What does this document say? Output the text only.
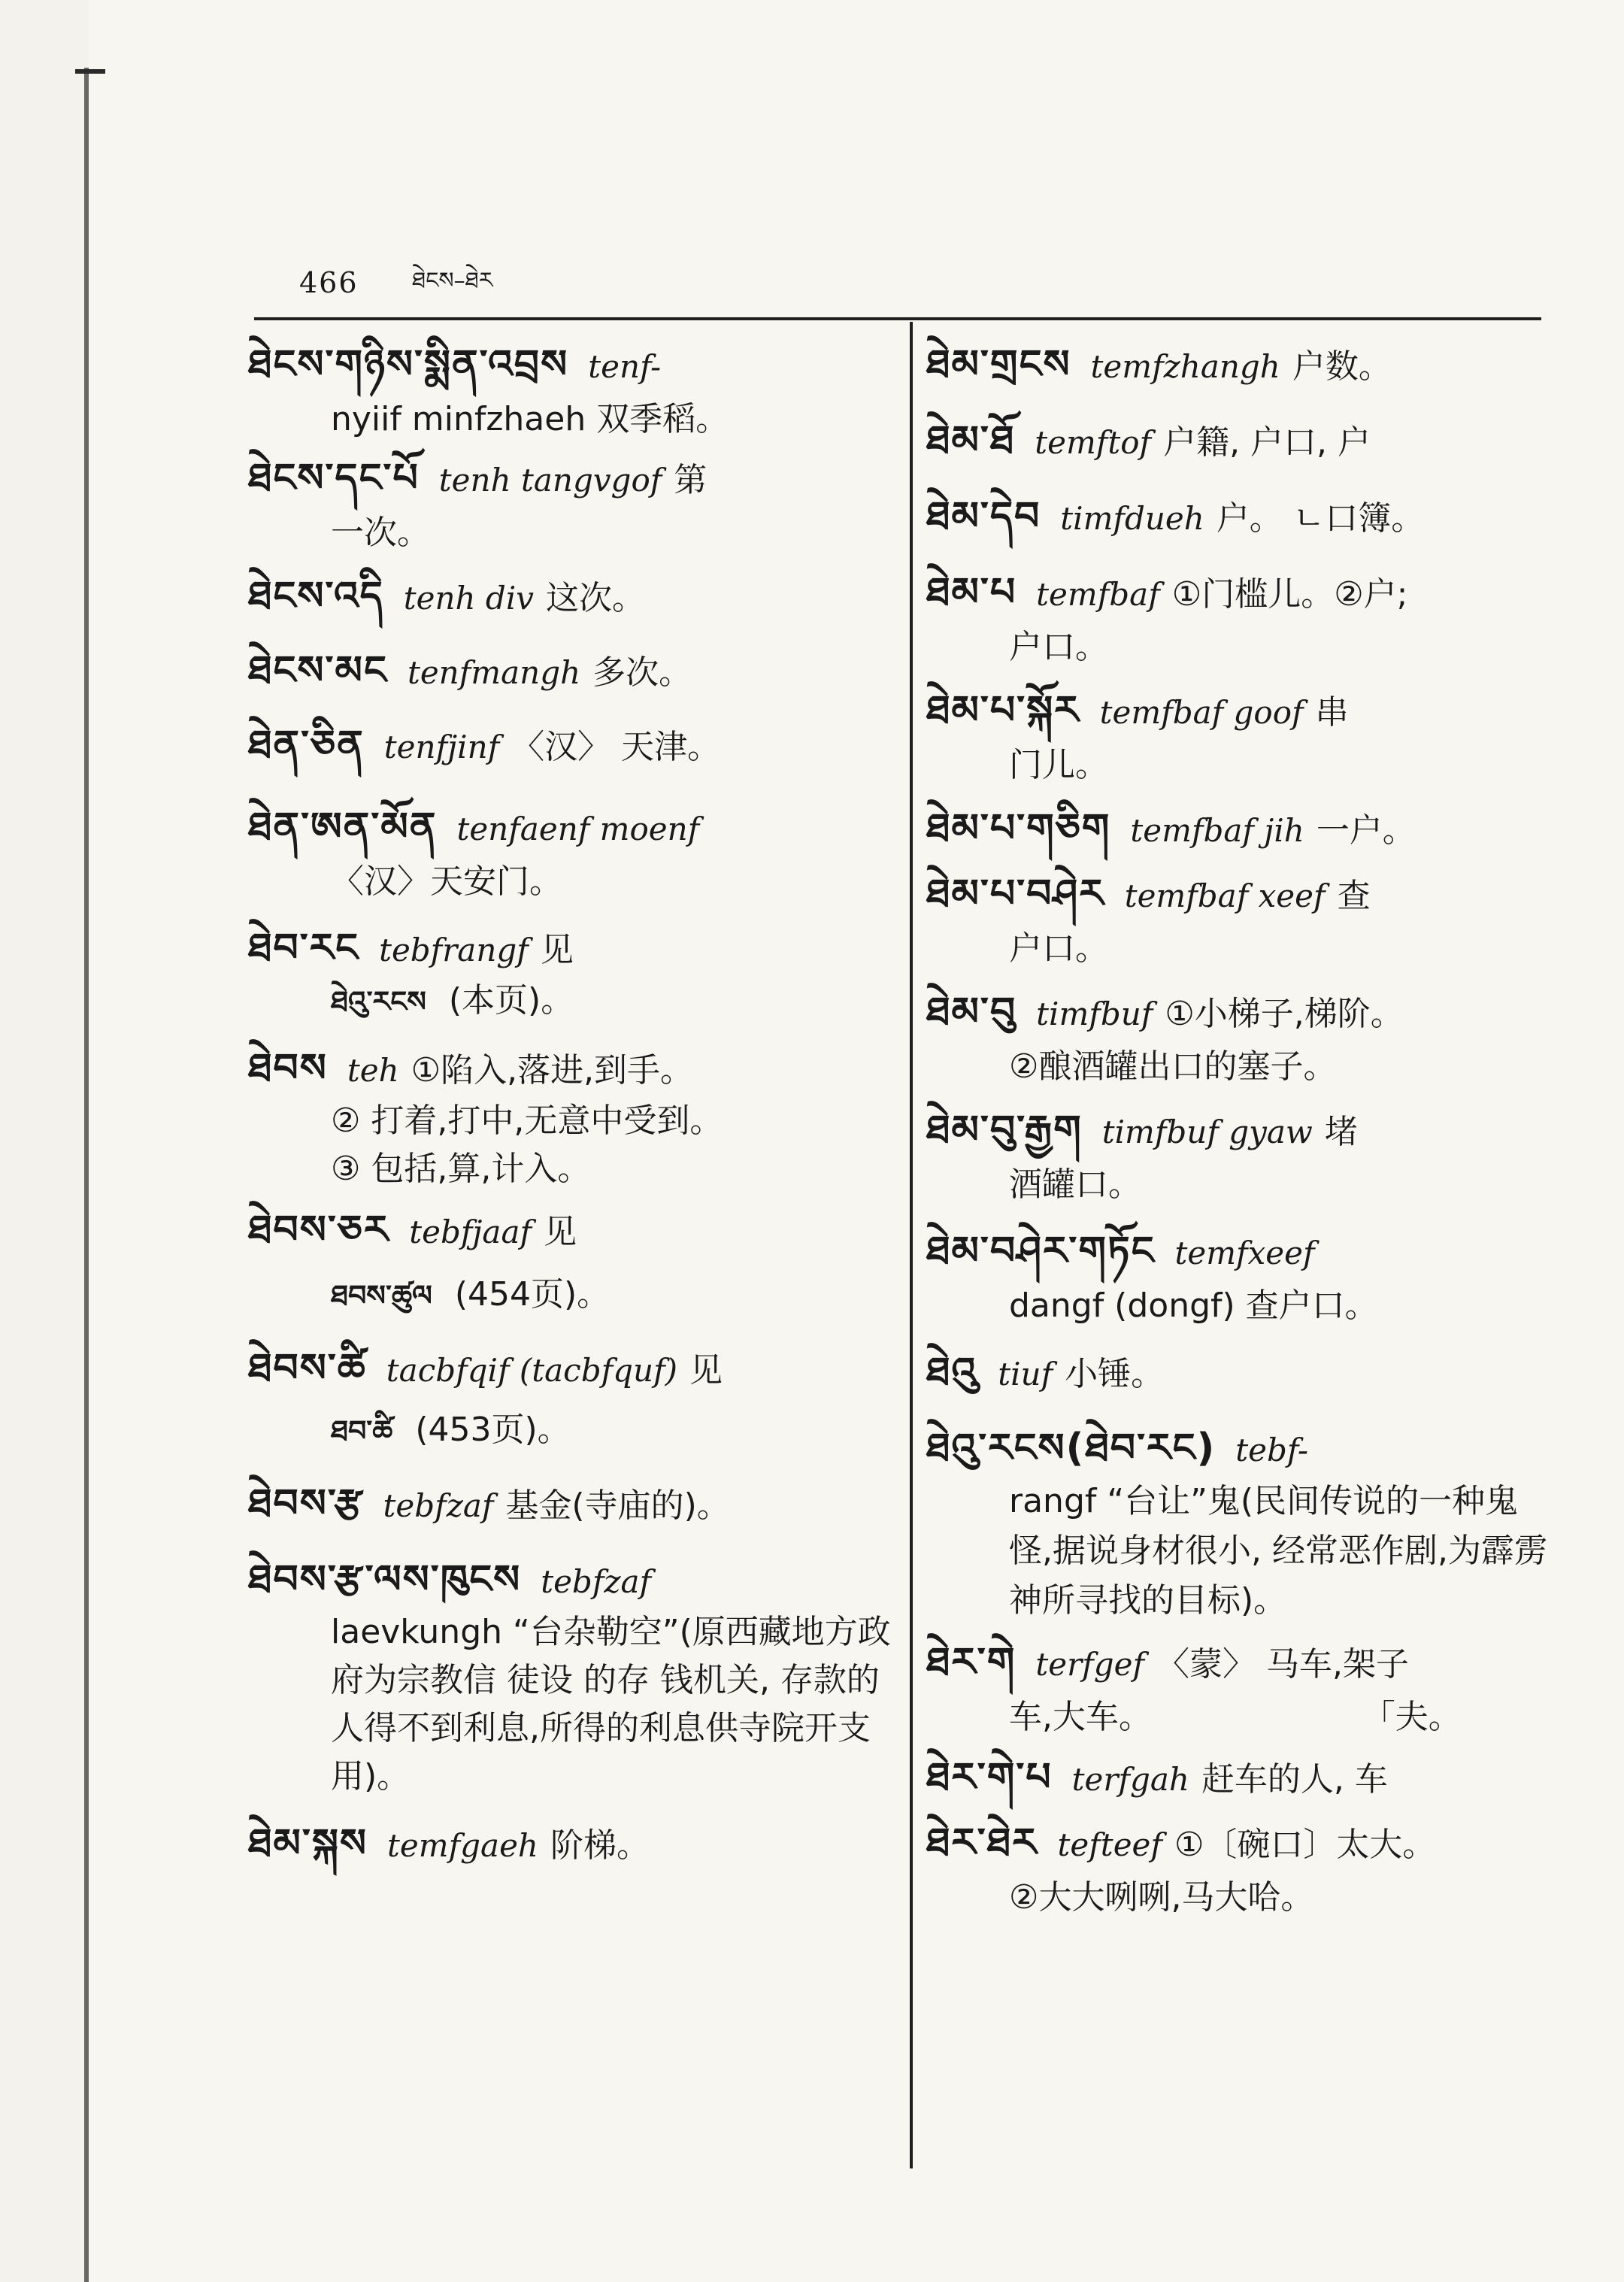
466 ཐེངས–ཐེར

ཐེངས་གཉིས་སྨིན་འབྲས tenf-
nyiif minfzhaeh 双季稻。

ཐེངས་དང་པོ tenh tangvgof 第
一次。

ཐེངས་འདི tenh div 这次。

ཐེངས་མང tenfmangh 多次。

ཐེན་ཅིན tenfjinf 〈汉〉 天津。

ཐེན་ཨན་མོན tenfaenf moenf
〈汉〉天安门。

ཐེབ་རང tebfrangf 见
ཐེའུ་རངས (本页)。

ཐེབས teh ①陷入,落进,到手。
② 打着,打中,无意中受到。
③ 包括,算,计入。

ཐེབས་ཅར tebfjaaf 见
ཐབས་ཚུལ (454页)。

ཐེབས་ཚི tacbfqif (tacbfquf) 见
ཐབ་ཚི (453页)。

ཐེབས་རྩ tebfzaf 基金(寺庙的)。

ཐེབས་རྩ་ལས་ཁུངས tebfzaf
laevkungh “台杂勒空”(原西藏地方政府为宗教信 徒设 的存 钱机关, 存款的人得不到利息,所得的利息供寺院开支用)。

ཐེམ་སྐས temfgaeh 阶梯。

ཐེམ་གྲངས temfzhangh 户数。

ཐེམ་ཐོ temftof 户籍, 户口, 户

ཐེམ་དེབ timfdueh 户。 ㄴ口簿。

ཐེམ་པ temfbaf ①门槛儿。②户;
户口。

ཐེམ་པ་སྐོར temfbaf goof 串
门儿。

ཐེམ་པ་གཅིག temfbaf jih 一户。

ཐེམ་པ་བཤེར temfbaf xeef 查
户口。

ཐེམ་བུ timfbuf ①小梯子,梯阶。
②酿酒罐出口的塞子。

ཐེམ་བུ་རྒྱག timfbuf gyaw 堵
酒罐口。

ཐེམ་བཤེར་གཏོང temfxeef
dangf (dongf) 查户口。

ཐེའུ tiuf 小锤。

ཐེའུ་རངས(ཐེབ་རང) tebf-
rangf “台让”鬼(民间传说的一种鬼怪,据说身材很小, 经常恶作剧,为霹雳神所寻找的目标)。

ཐེར་གེ terfgef 〈蒙〉 马车,架子
车,大车。                    「夫。

ཐེར་གེ་པ terfgah 赶车的人, 车

ཐེར་ཐེར tefteef ①〔碗口〕太大。
②大大咧咧,马大哈。
